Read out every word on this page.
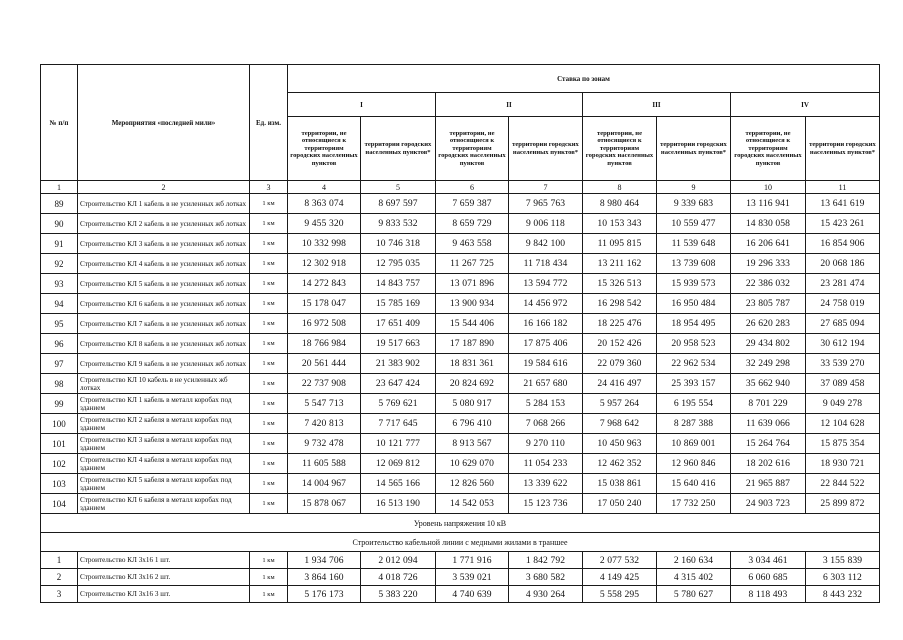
№ п/п	Мероприятия «последней мили»	Ед. изм.	Ставка по зонам							
			I		II		III		IV	
			территории, не относящиеся к территориям городских населенных пунктов	территории городских населенных пунктов*	территории, не относящиеся к территориям городских населенных пунктов	территории городских населенных пунктов*	территории, не относящиеся к территориям городских населенных пунктов	территории городских населенных пунктов*	территории, не относящиеся к территориям городских населенных пунктов	территории городских населенных пунктов*
1	2	3	4	5	6	7	8	9	10	11
89	Строительство КЛ 1 кабель в не усиленных жб лотках	1 км	8 363 074	8 697 597	7 659 387	7 965 763	8 980 464	9 339 683	13 116 941	13 641 619
90	Строительство КЛ 2 кабель в не усиленных жб лотках	1 км	9 455 320	9 833 532	8 659 729	9 006 118	10 153 343	10 559 477	14 830 058	15 423 261
91	Строительство КЛ 3 кабель в не усиленных жб лотках	1 км	10 332 998	10 746 318	9 463 558	9 842 100	11 095 815	11 539 648	16 206 641	16 854 906
92	Строительство КЛ 4 кабель в не усиленных жб лотках	1 км	12 302 918	12 795 035	11 267 725	11 718 434	13 211 162	13 739 608	19 296 333	20 068 186
93	Строительство КЛ 5 кабель в не усиленных жб лотках	1 км	14 272 843	14 843 757	13 071 896	13 594 772	15 326 513	15 939 573	22 386 032	23 281 474
94	Строительство КЛ 6 кабель в не усиленных жб лотках	1 км	15 178 047	15 785 169	13 900 934	14 456 972	16 298 542	16 950 484	23 805 787	24 758 019
95	Строительство КЛ 7 кабель в не усиленных жб лотках	1 км	16 972 508	17 651 409	15 544 406	16 166 182	18 225 476	18 954 495	26 620 283	27 685 094
96	Строительство КЛ 8 кабель в не усиленных жб лотках	1 км	18 766 984	19 517 663	17 187 890	17 875 406	20 152 426	20 958 523	29 434 802	30 612 194
97	Строительство КЛ 9 кабель в не усиленных жб лотках	1 км	20 561 444	21 383 902	18 831 361	19 584 616	22 079 360	22 962 534	32 249 298	33 539 270
98	Строительство КЛ 10 кабель в не усиленных жб лотках	1 км	22 737 908	23 647 424	20 824 692	21 657 680	24 416 497	25 393 157	35 662 940	37 089 458
99	Строительство КЛ 1 кабель в металл коробах под зданием	1 км	5 547 713	5 769 621	5 080 917	5 284 153	5 957 264	6 195 554	8 701 229	9 049 278
100	Строительство КЛ 2 кабеля в металл коробах под зданием	1 км	7 420 813	7 717 645	6 796 410	7 068 266	7 968 642	8 287 388	11 639 066	12 104 628
101	Строительство КЛ 3 кабеля в металл коробах под зданием	1 км	9 732 478	10 121 777	8 913 567	9 270 110	10 450 963	10 869 001	15 264 764	15 875 354
102	Строительство КЛ 4 кабеля в металл коробах под зданием	1 км	11 605 588	12 069 812	10 629 070	11 054 233	12 462 352	12 960 846	18 202 616	18 930 721
103	Строительство КЛ 5 кабеля в металл коробах под зданием	1 км	14 004 967	14 565 166	12 826 560	13 339 622	15 038 861	15 640 416	21 965 887	22 844 522
104	Строительство КЛ 6 кабеля в металл коробах под зданием	1 км	15 878 067	16 513 190	14 542 053	15 123 736	17 050 240	17 732 250	24 903 723	25 899 872
Уровень напряжения 10 кВ										
Строительство кабельной линии с медными жилами в траншее										
1	Строительство КЛ 3х16 1 шт.	1 км	1 934 706	2 012 094	1 771 916	1 842 792	2 077 532	2 160 634	3 034 461	3 155 839
2	Строительство КЛ 3х16 2 шт.	1 км	3 864 160	4 018 726	3 539 021	3 680 582	4 149 425	4 315 402	6 060 685	6 303 112
3	Строительство КЛ 3х16 3 шт.	1 км	5 176 173	5 383 220	4 740 639	4 930 264	5 558 295	5 780 627	8 118 493	8 443 232
